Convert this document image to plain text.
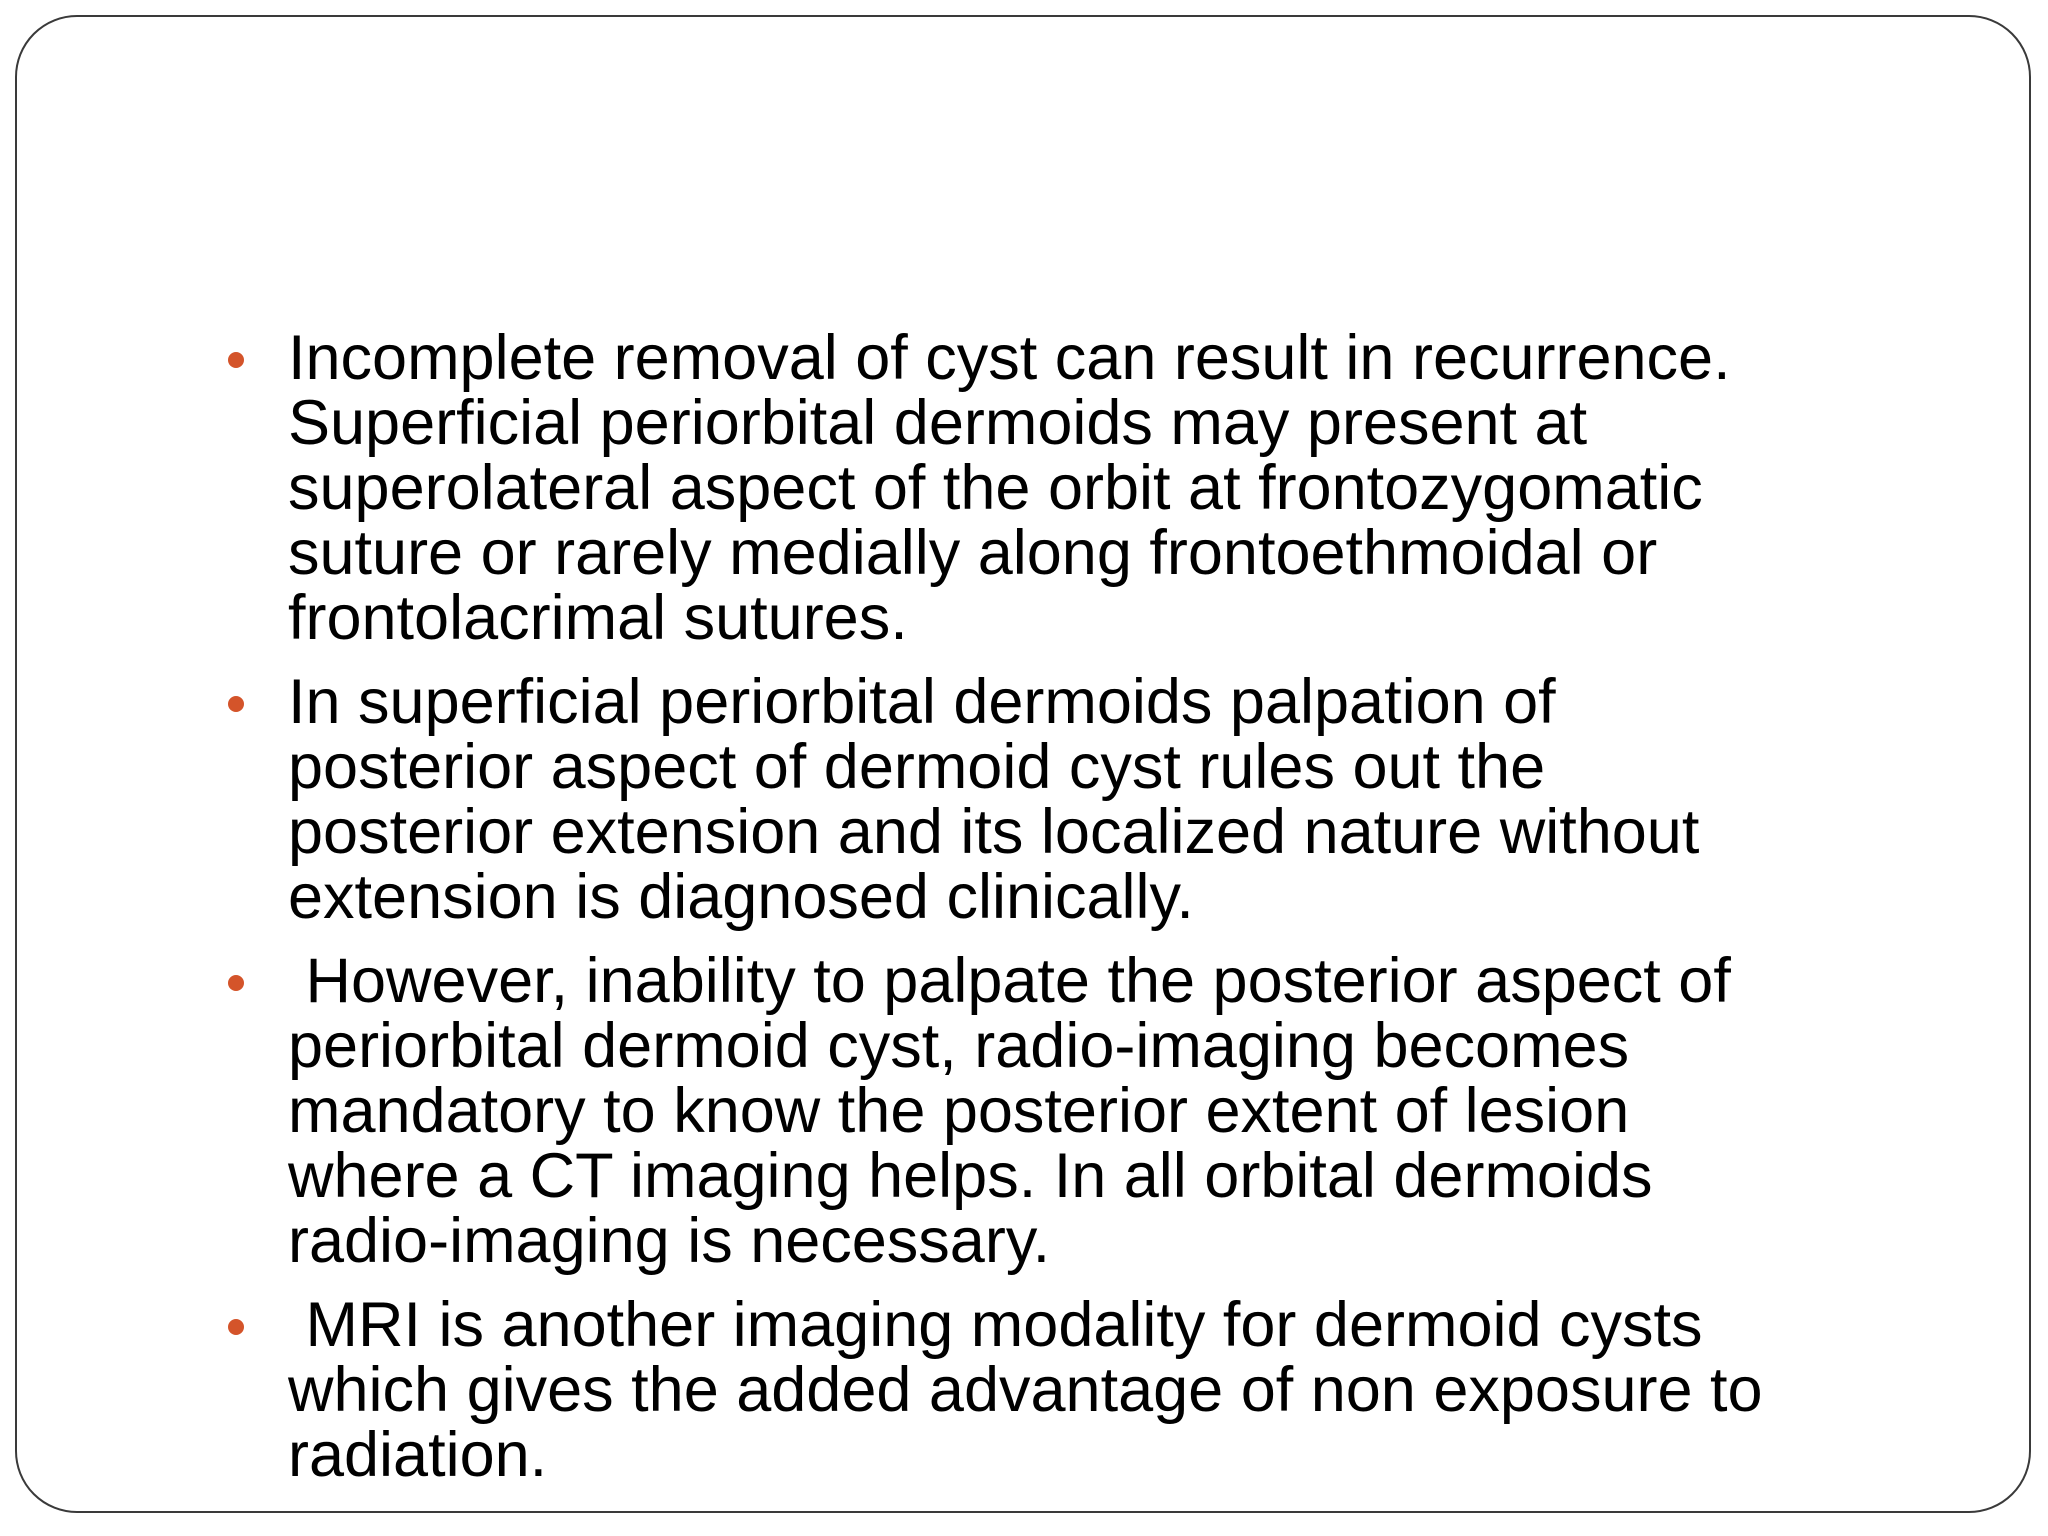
Incomplete removal of cyst can result in recurrence.
Superficial periorbital dermoids may present at
superolateral aspect of the orbit at frontozygomatic
suture or rarely medially along frontoethmoidal or
frontolacrimal sutures.
In superficial periorbital dermoids palpation of
posterior aspect of dermoid cyst rules out the
posterior extension and its localized nature without
extension is diagnosed clinically.
However, inability to palpate the posterior aspect of
periorbital dermoid cyst, radio-imaging becomes
mandatory to know the posterior extent of lesion
where a CT imaging helps. In all orbital dermoids
radio-imaging is necessary.
MRI is another imaging modality for dermoid cysts
which gives the added advantage of non exposure to
radiation.
